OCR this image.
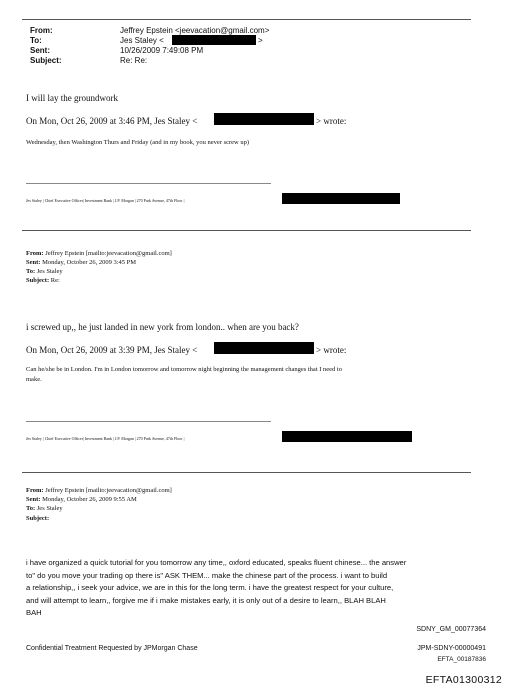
From:	Jeffrey Epstein <jeevacation@gmail.com>
To:	Jes Staley <	>
Sent:	10/26/2009 7:49:08 PM
Subject:	Re: Re:
I will lay the groundwork
On Mon, Oct 26, 2009 at 3:46 PM, Jes Staley <	> wrote:
Wednesday, then Washington Thurs and Friday (and in my book, you never screw up)
Jes Staley | Chief Executive Officer| Investment Bank | J.P. Morgan | 270 Park Avenue, 47th Floor |
From: Jeffrey Epstein [mailto:jeevacation@gmail.com]
Sent: Monday, October 26, 2009 3:45 PM
To: Jes Staley
Subject: Re:
i screwed up,, he just landed in new york from london.. when are you back?
On Mon, Oct 26, 2009 at 3:39 PM, Jes Staley <	> wrote:
Can he/she be in London. I'm in London tomorrow and tomorrow night beginning the management changes that I need to
make.
Jes Staley | Chief Executive Officer| Investment Bank | J.P. Morgan | 270 Park Avenue, 47th Floor |
From: Jeffrey Epstein [mailto:jeevacation@gmail.com]
Sent: Monday, October 26, 2009 9:55 AM
To: Jes Staley
Subject:
i have organized a quick tutorial for you tomorrow any time,, oxford educated, speaks fluent chinese... the answer
to" do you move your trading op there is" ASK THEM... make the chinese part of the process. i want to build
a relationship,, i seek your advice, we are in this for the long term. i have the greatest respect for your culture,
and will attempt to learn,, forgive me if i make mistakes early, it is only out of a desire to learn,, BLAH BLAH
BAH
SDNY_GM_00077364
Confidential Treatment Requested by JPMorgan Chase	JPM-SDNY-00000491
EFTA_00187836
EFTA01300312
